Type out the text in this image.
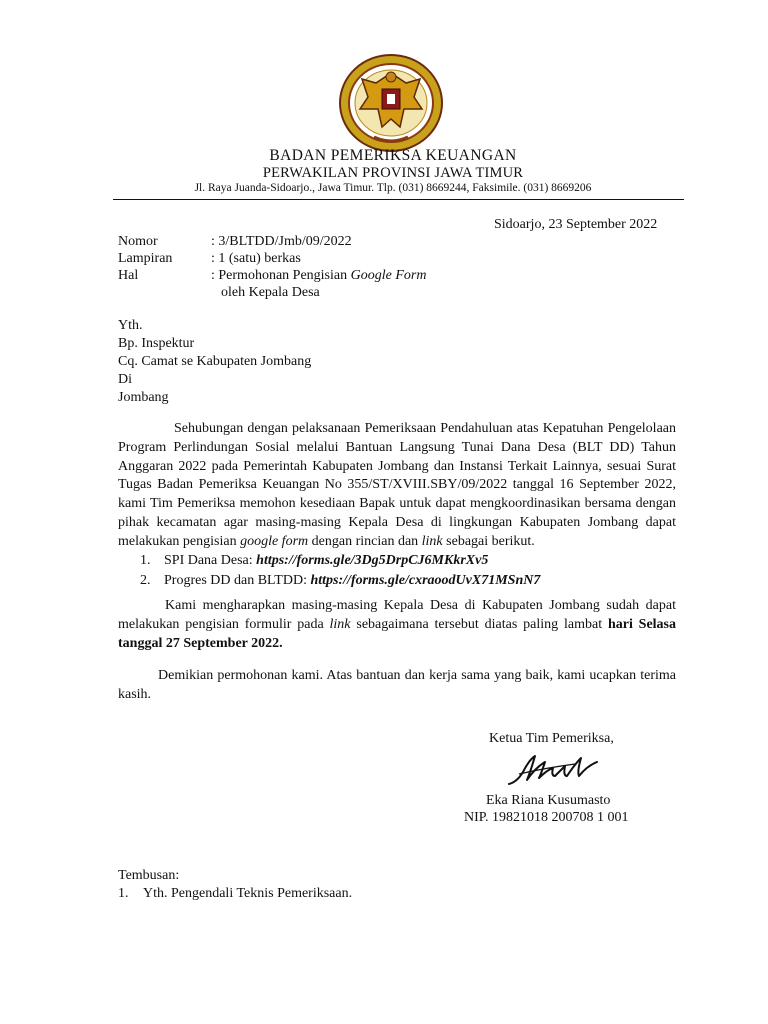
BADAN PEMERIKSA KEUANGAN
PERWAKILAN PROVINSI JAWA TIMUR
Jl. Raya Juanda-Sidoarjo., Jawa Timur. Tlp. (031) 8669244, Faksimile. (031) 8669206
Sidoarjo, 23 September 2022
Nomor	: 3/BLTDD/Jmb/09/2022
Lampiran	: 1 (satu) berkas
Hal	: Permohonan Pengisian Google Form
oleh Kepala Desa
Yth.
Bp. Inspektur
Cq. Camat se Kabupaten Jombang
Di
Jombang

Sehubungan dengan pelaksanaan Pemeriksaan Pendahuluan atas Kepatuhan Pengelolaan Program Perlindungan Sosial melalui Bantuan Langsung Tunai Dana Desa (BLT DD) Tahun Anggaran 2022 pada Pemerintah Kabupaten Jombang dan Instansi Terkait Lainnya, sesuai Surat Tugas Badan Pemeriksa Keuangan No 355/ST/XVIII.SBY/09/2022 tanggal 16 September 2022, kami Tim Pemeriksa memohon kesediaan Bapak untuk dapat mengkoordinasikan bersama dengan pihak kecamatan agar masing-masing Kepala Desa di lingkungan Kabupaten Jombang dapat melakukan pengisian google form dengan rincian dan link sebagai berikut.

1. SPI Dana Desa: https://forms.gle/3Dg5DrpCJ6MKkrXv5
2. Progres DD dan BLTDD: https://forms.gle/cxraoodUvX71MSnN7

Kami mengharapkan masing-masing Kepala Desa di Kabupaten Jombang sudah dapat melakukan pengisian formulir pada link sebagaimana tersebut diatas paling lambat hari Selasa tanggal 27 September 2022.

Demikian permohonan kami. Atas bantuan dan kerja sama yang baik, kami ucapkan terima kasih.

Ketua Tim Pemeriksa,
Eka Riana Kusumasto
NIP. 19821018 200708 1 001
Tembusan:
1. Yth. Pengendali Teknis Pemeriksaan.
